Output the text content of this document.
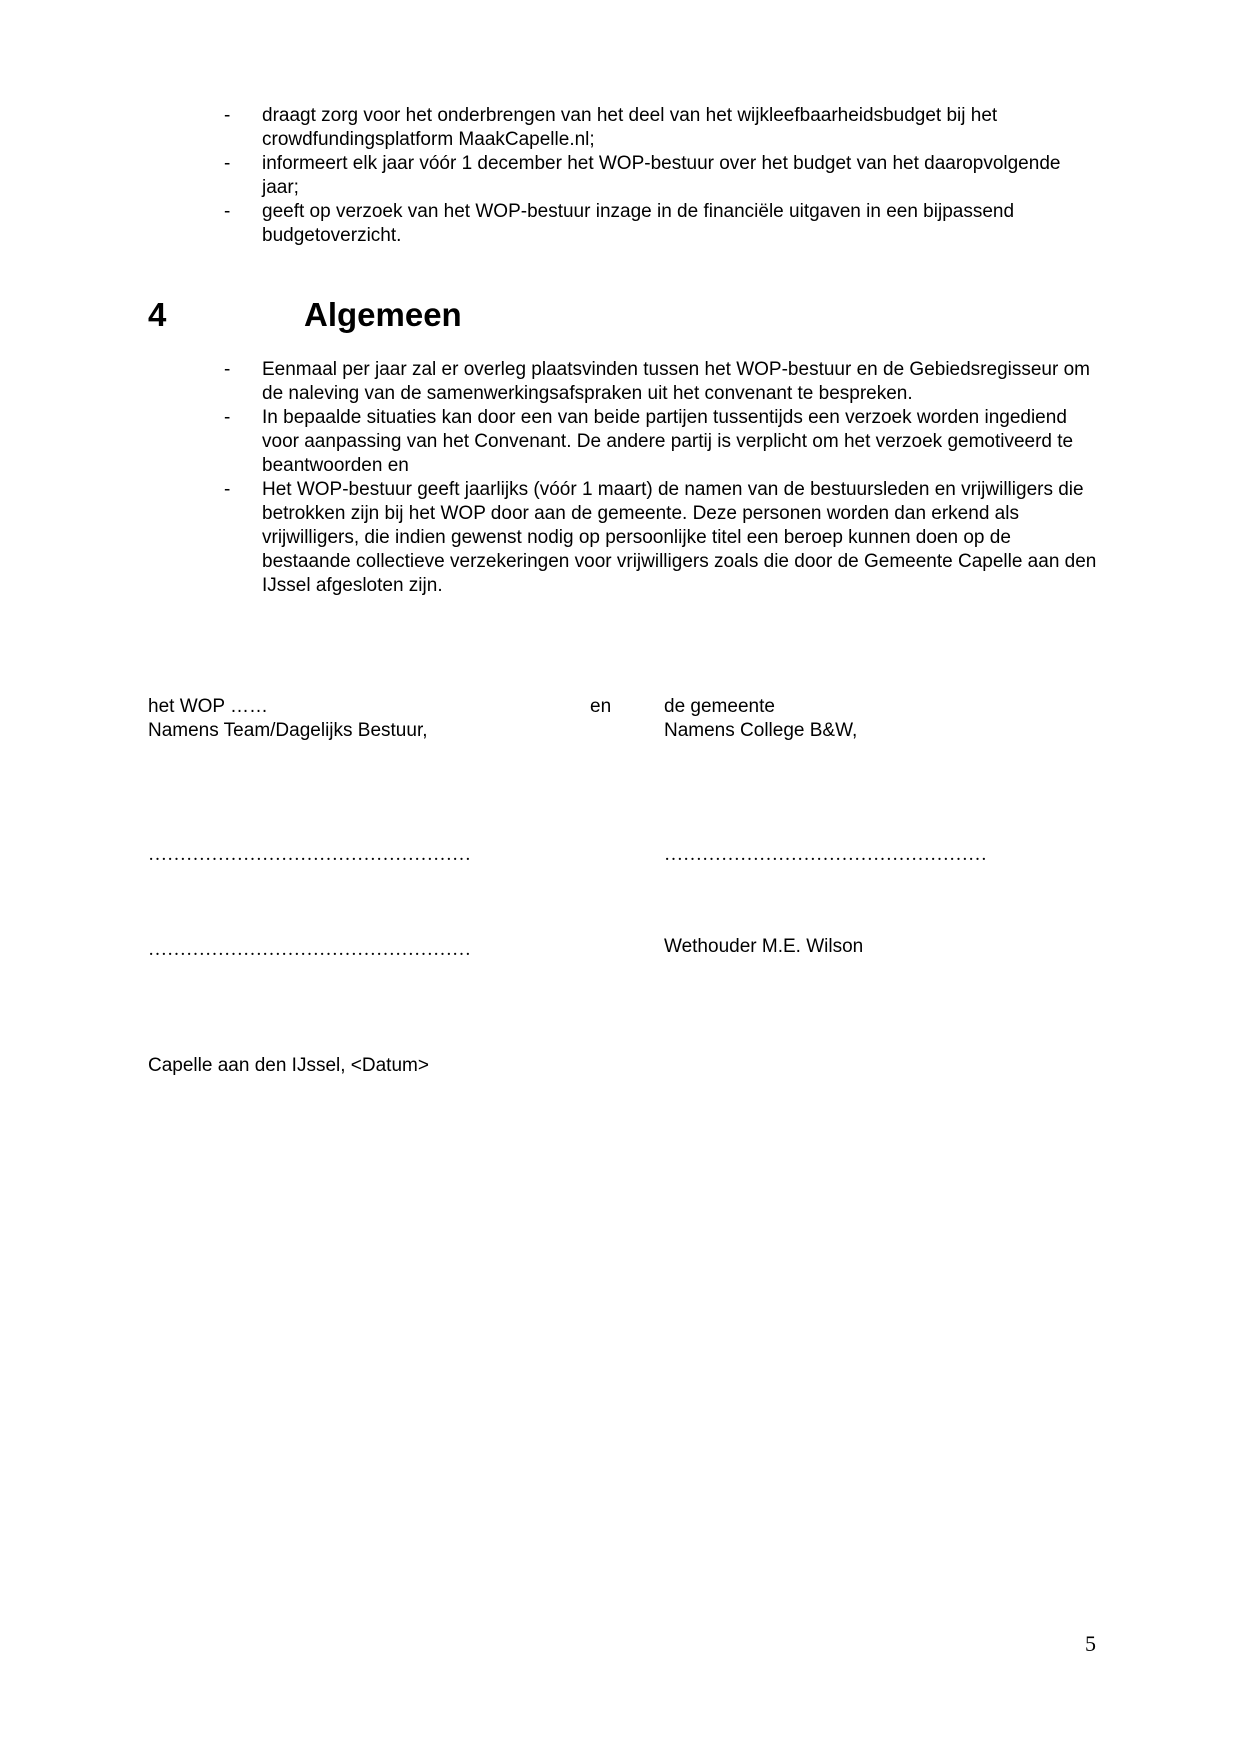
- draagt zorg voor het onderbrengen van het deel van het wijkleefbaarheidsbudget bij het crowdfundingsplatform MaakCapelle.nl;
- informeert elk jaar vóór 1 december het WOP-bestuur over het budget van het daaropvolgende jaar;
- geeft op verzoek van het WOP-bestuur inzage in de financiële uitgaven in een bijpassend budgetoverzicht.
4	Algemeen
- Eenmaal per jaar zal er overleg plaatsvinden tussen het WOP-bestuur en de Gebiedsregisseur om de naleving van de samenwerkingsafspraken uit het convenant te bespreken.
- In bepaalde situaties kan door een van beide partijen tussentijds een verzoek worden ingediend voor aanpassing van het Convenant. De andere partij is verplicht om het verzoek gemotiveerd te beantwoorden en
- Het WOP-bestuur geeft jaarlijks (vóór 1 maart) de namen van de bestuursleden en vrijwilligers die betrokken zijn bij het WOP door aan de gemeente. Deze personen worden dan erkend als vrijwilligers, die indien gewenst nodig op persoonlijke titel een beroep kunnen doen op de bestaande collectieve verzekeringen voor vrijwilligers zoals die door de Gemeente Capelle aan den IJssel afgesloten zijn.

het WOP ……	en	de gemeente

Namens Team/Dagelijks Bestuur,	Namens College B&W,

……………………………………………	……………………………………………

……………………………………………	Wethouder M.E. Wilson

Capelle aan den IJssel, <Datum>

5
